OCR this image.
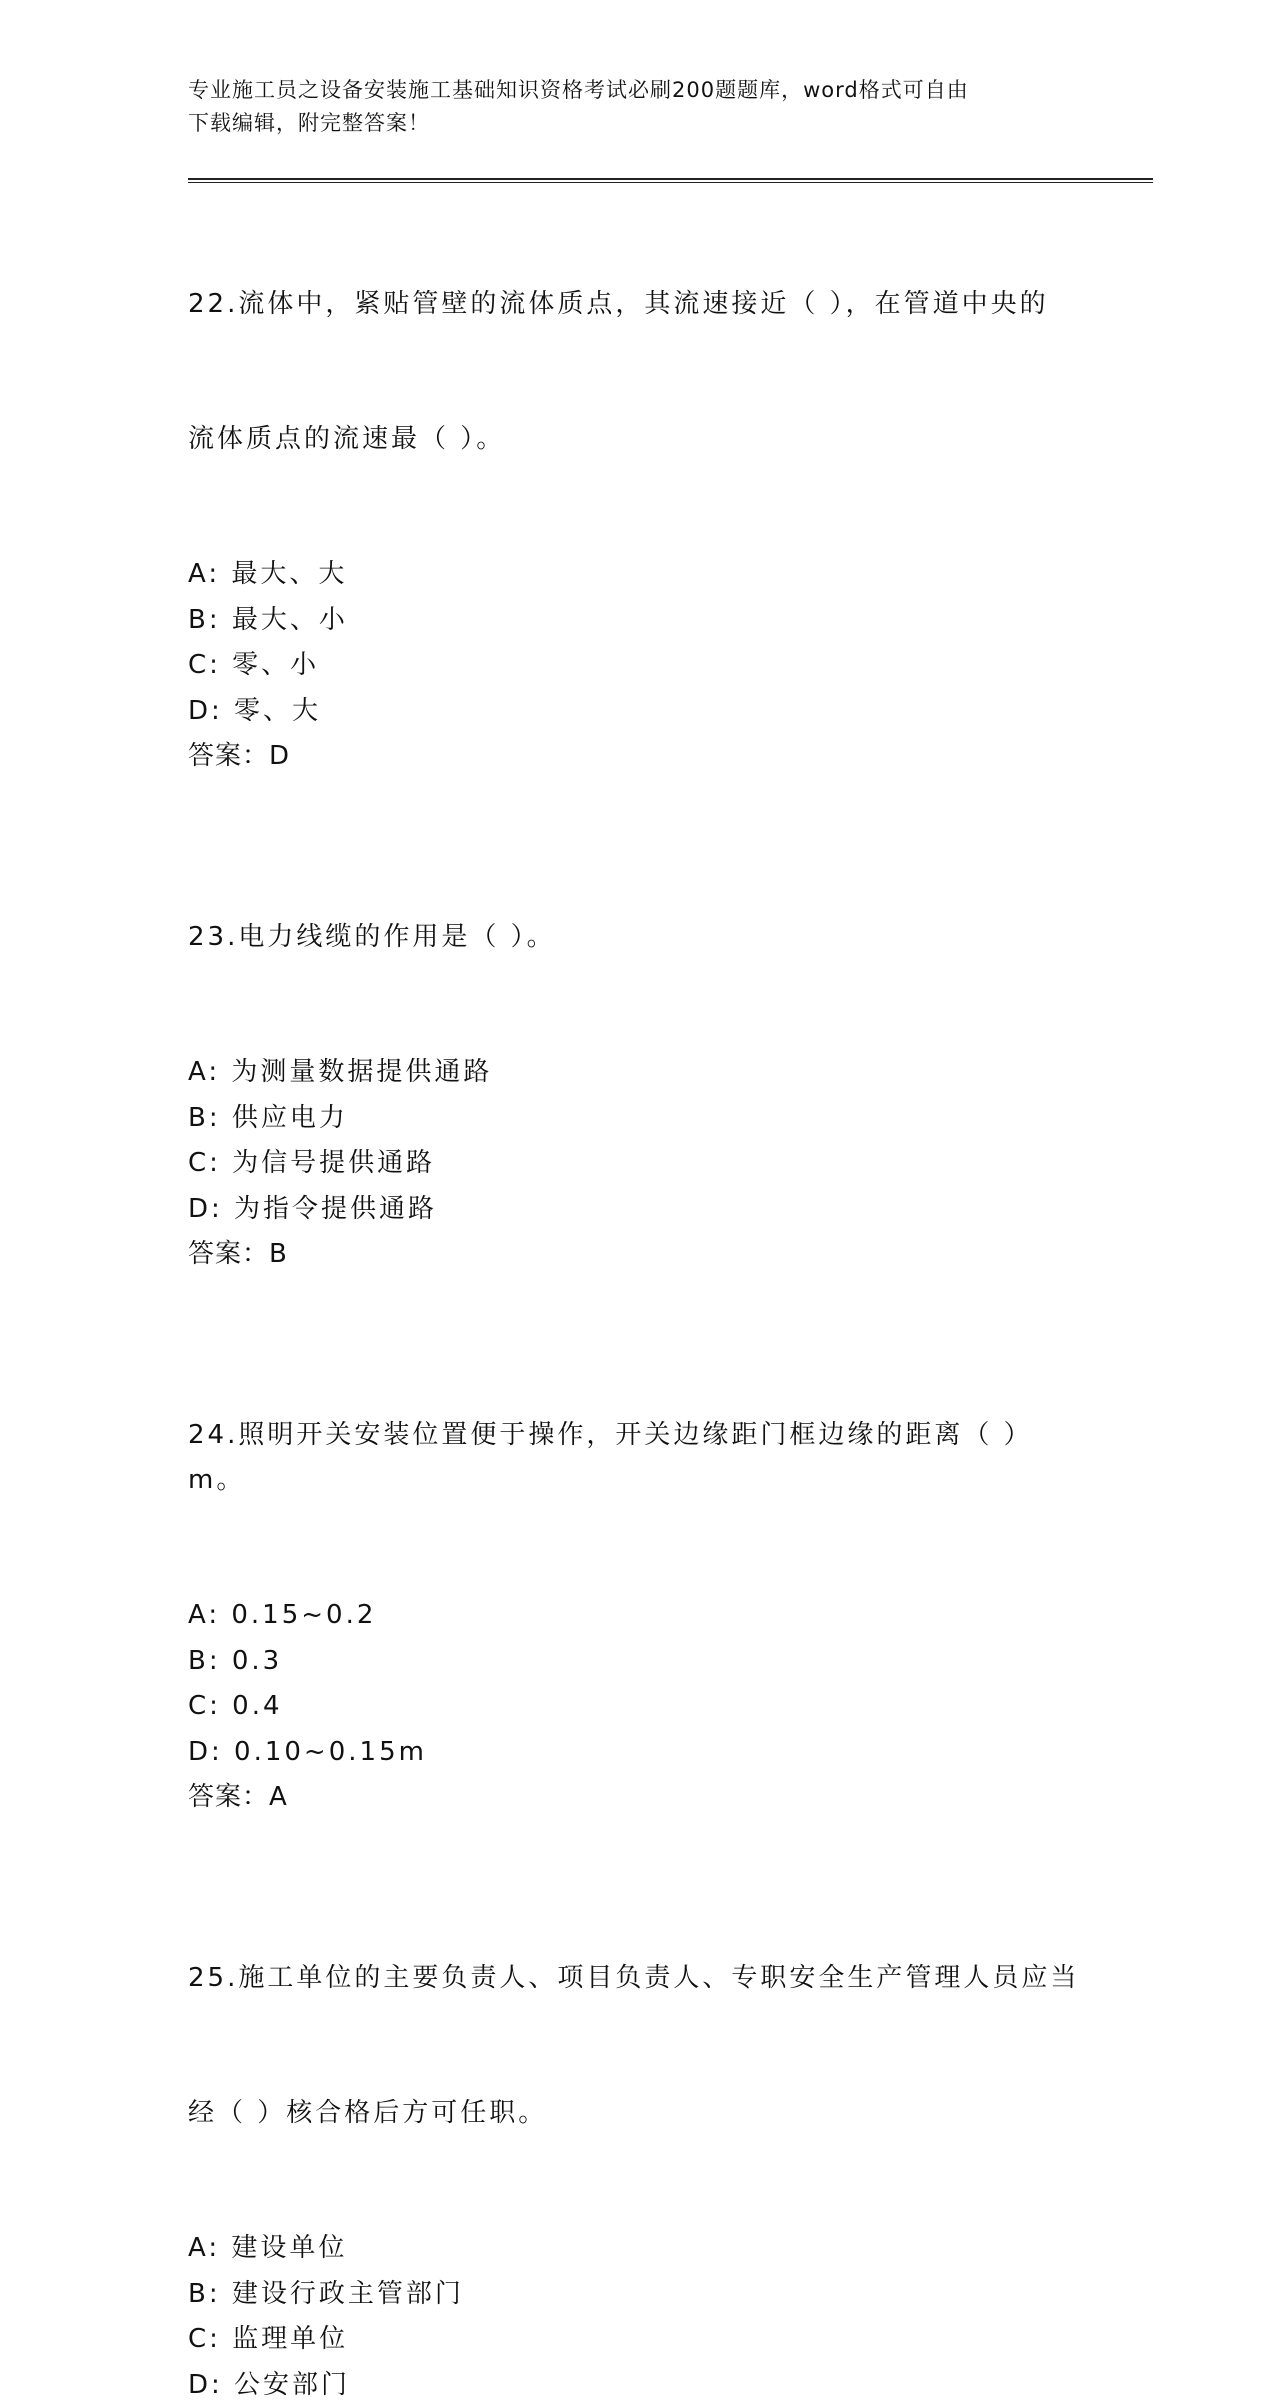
专业施工员之设备安装施工基础知识资格考试必刷200题题库，word格式可自由
下载编辑，附完整答案！

22.流体中，紧贴管壁的流体质点，其流速接近（ ），在管道中央的

流体质点的流速最（ ）。

A: 最大、大
B: 最大、小
C: 零、小
D: 零、大
答案：D

23.电力线缆的作用是（ ）。

A: 为测量数据提供通路
B: 供应电力
C: 为信号提供通路
D: 为指令提供通路
答案：B

24.照明开关安装位置便于操作，开关边缘距门框边缘的距离（ ）m。

A: 0.15~0.2
B: 0.3
C: 0.4
D: 0.10~0.15m
答案：A

25.施工单位的主要负责人、项目负责人、专职安全生产管理人员应当

经（ ）核合格后方可任职。

A: 建设单位
B: 建设行政主管部门
C: 监理单位
D: 公安部门
